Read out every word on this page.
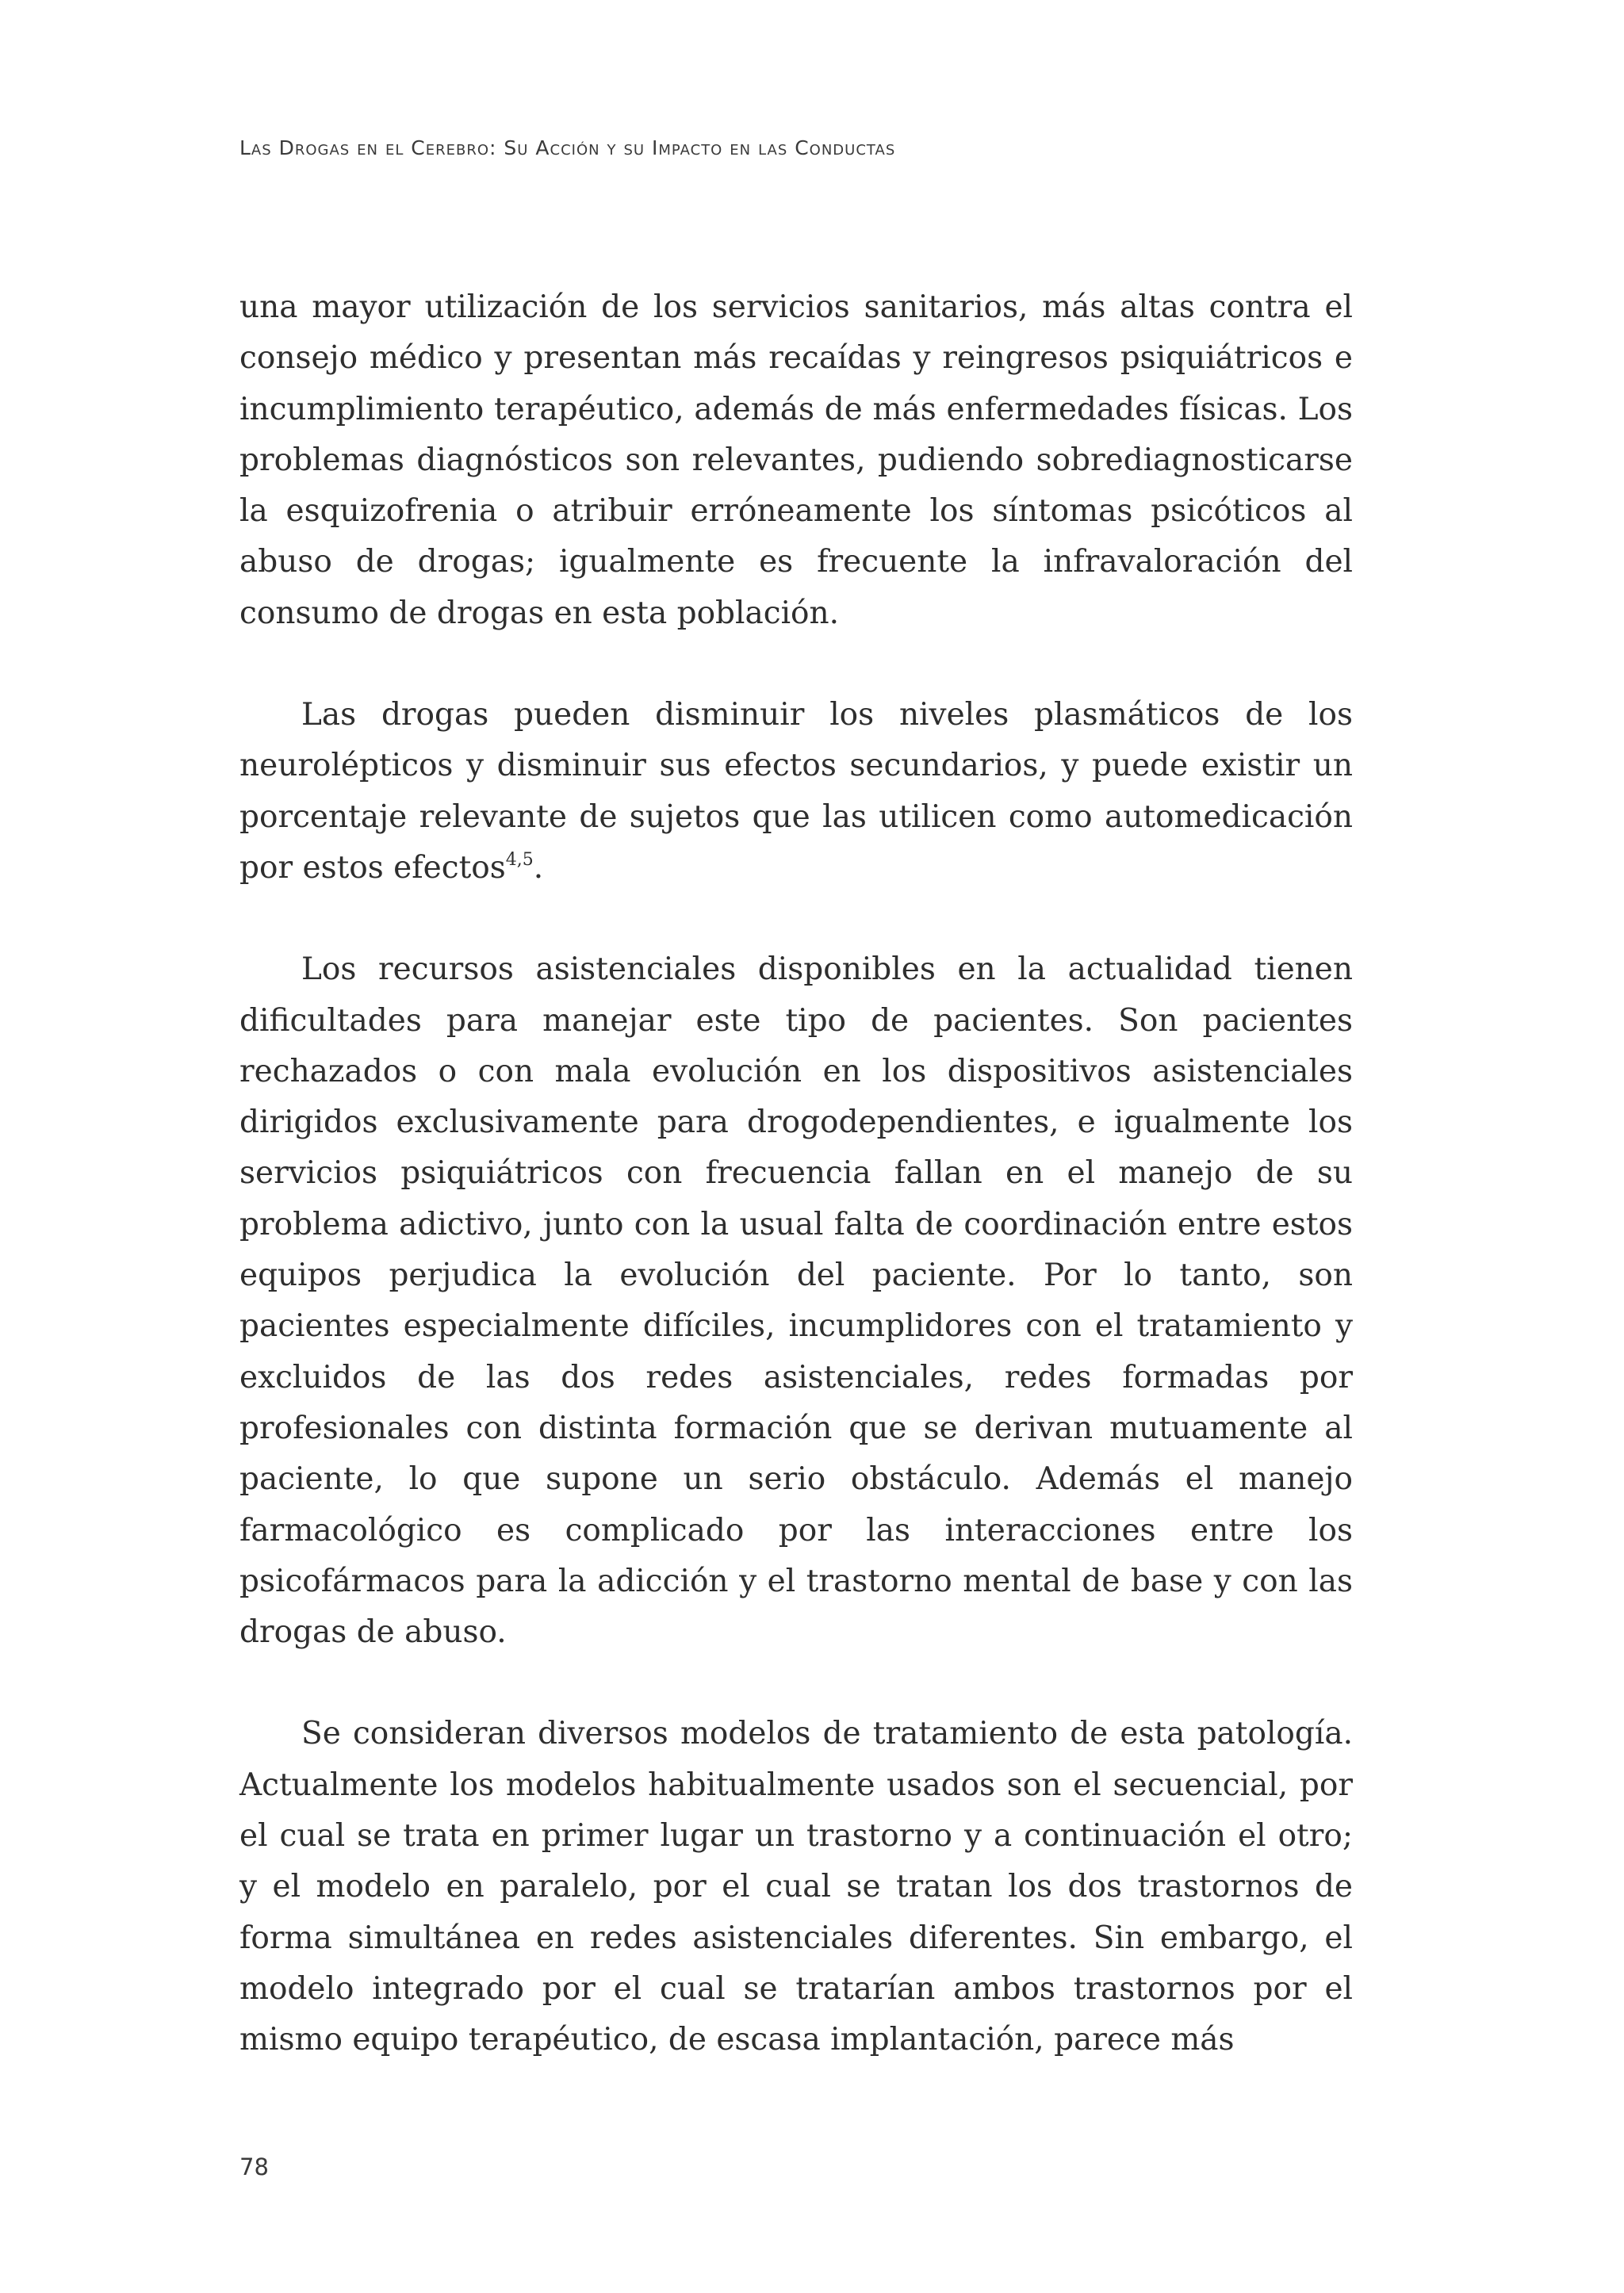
Las Drogas en el Cerebro: Su Acción y su Impacto en las Conductas

una mayor utilización de los servicios sanitarios, más altas contra el consejo médico y presentan más recaídas y reingresos psiquiátricos e incumplimiento terapéutico, además de más enfermedades físicas. Los problemas diagnósticos son relevantes, pudiendo sobrediagnosticarse la esquizofrenia o atribuir erróneamente los síntomas psicóticos al abuso de drogas; igualmente es frecuente la infravaloración del consumo de drogas en esta población.

Las drogas pueden disminuir los niveles plasmáticos de los neurolépticos y disminuir sus efectos secundarios, y puede existir un porcentaje relevante de sujetos que las utilicen como automedicación por estos efectos$^{4,5}$.

Los recursos asistenciales disponibles en la actualidad tienen dificultades para manejar este tipo de pacientes. Son pacientes rechazados o con mala evolución en los dispositivos asistenciales dirigidos exclusivamente para drogodependientes, e igualmente los servicios psiquiátricos con frecuencia fallan en el manejo de su problema adictivo, junto con la usual falta de coordinación entre estos equipos perjudica la evolución del paciente. Por lo tanto, son pacientes especialmente difíciles, incumplidores con el tratamiento y excluidos de las dos redes asistenciales, redes formadas por profesionales con distinta formación que se derivan mutuamente al paciente, lo que supone un serio obstáculo. Además el manejo farmacológico es complicado por las interacciones entre los psicofármacos para la adicción y el trastorno mental de base y con las drogas de abuso.

Se consideran diversos modelos de tratamiento de esta patología. Actualmente los modelos habitualmente usados son el secuencial, por el cual se trata en primer lugar un trastorno y a continuación el otro; y el modelo en paralelo, por el cual se tratan los dos trastornos de forma simultánea en redes asistenciales diferentes. Sin embargo, el modelo integrado por el cual se tratarían ambos trastornos por el mismo equipo terapéutico, de escasa implantación, parece más

78
